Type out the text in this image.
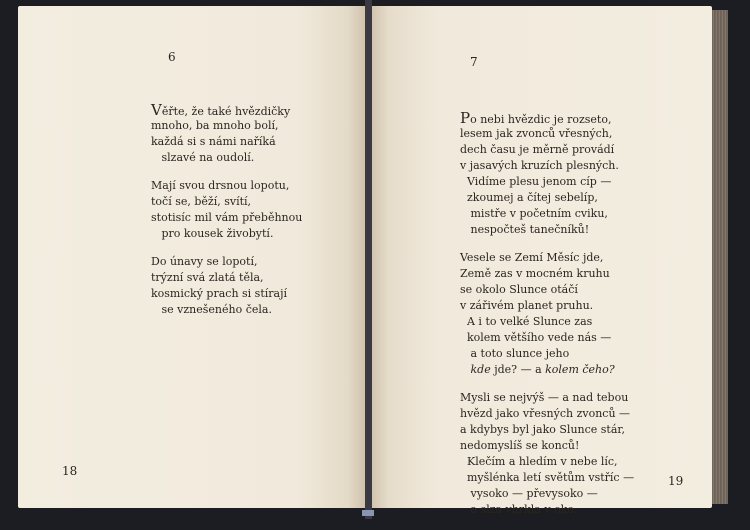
6
Věřte, že také hvězdičky
mnoho, ba mnoho bolí,
každá si s námi naříká
slzavé na oudolí.
Mají svou drsnou lopotu,
točí se, běží, svítí,
stotisíc mil vám přeběhnou
pro kousek živobytí.
Do únavy se lopotí,
trýzní svá zlatá těla,
kosmický prach si stírají
se vznešeného čela.
18
7
Po nebi hvězdic je rozseto,
lesem jak zvonců vřesných,
dech času je měrně provádí
v jasavých kruzích plesných.
Vidíme plesu jenom cíp —
zkoumej a čítej sebelíp,
mistře v početním cviku,
nespočteš tanečníků!
Vesele se Zemí Měsíc jde,
Země zas v mocném kruhu
se okolo Slunce otáčí
v zářivém planet pruhu.
A i to velké Slunce zas
kolem většího vede nás —
a toto slunce jeho
kde jde? — a kolem čeho?
Mysli se nejvýš — a nad tebou
hvězd jako vřesných zvonců —
a kdybys byl jako Slunce stár,
nedomyslíš se konců!
Klečím a hledím v nebe líc,
myšlénka letí světům vstříc —
vysoko — převysoko —
a slza vhrkla v oko.
19
